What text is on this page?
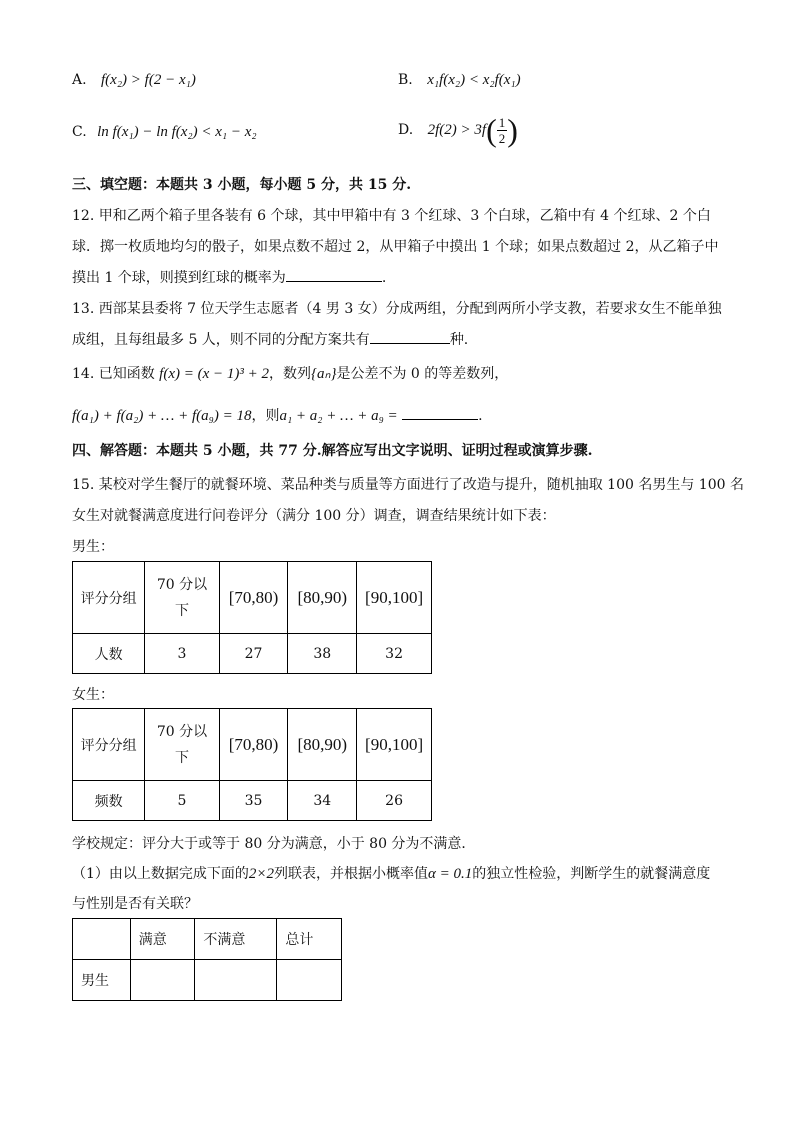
A. f(x₂) > f(2 − x₁)	B. x₁f(x₂) < x₂f(x₁)
C. ln f(x₁) − ln f(x₂) < x₁ − x₂	D. $2f(2) > 3f( \frac{1}{2}$ )
三、填空题：本题共 3 小题，每小题 5 分，共 15 分.
12. 甲和乙两个箱子里各装有 6 个球，其中甲箱中有 3 个红球、3 个白球，乙箱中有 4 个红球、2 个白
球．掷一枚质地均匀的骰子，如果点数不超过 2，从甲箱子中摸出 1 个球；如果点数超过 2，从乙箱子中
摸出 1 个球，则摸到红球的概率为	.
13. 西部某县委将 7 位天学生志愿者（4 男 3 女）分成两组，分配到两所小学支教，若要求女生不能单独
成组，且每组最多 5 人，则不同的分配方案共有	种.
14. 已知函数 f(x) = (x − 1)³ + 2，数列{aₙ}是公差不为 0 的等差数列，
f(a₁) + f(a₂) + … + f(a₉) = 18，则a₁ + a₂ + … + a₉ =	.
四、解答题：本题共 5 小题，共 77 分.解答应写出文字说明、证明过程或演算步骤.
15. 某校对学生餐厅的就餐环境、菜品种类与质量等方面进行了改造与提升，随机抽取 100 名男生与 100 名
女生对就餐满意度进行问卷评分（满分 100 分）调查，调查结果统计如下表：
男生：
评分分组	70 分以
下	[70,80)	[80,90)	[90,100]
人数	3	27	38	32
女生：
评分分组	70 分以
下	[70,80)	[80,90)	[90,100]
频数	5	35	34	26
学校规定：评分大于或等于 80 分为满意，小于 80 分为不满意．
（1）由以上数据完成下面的2×2列联表，并根据小概率值α = 0.1的独立性检验，判断学生的就餐满意度
与性别是否有关联？
	满意	不满意	总计
男生			
